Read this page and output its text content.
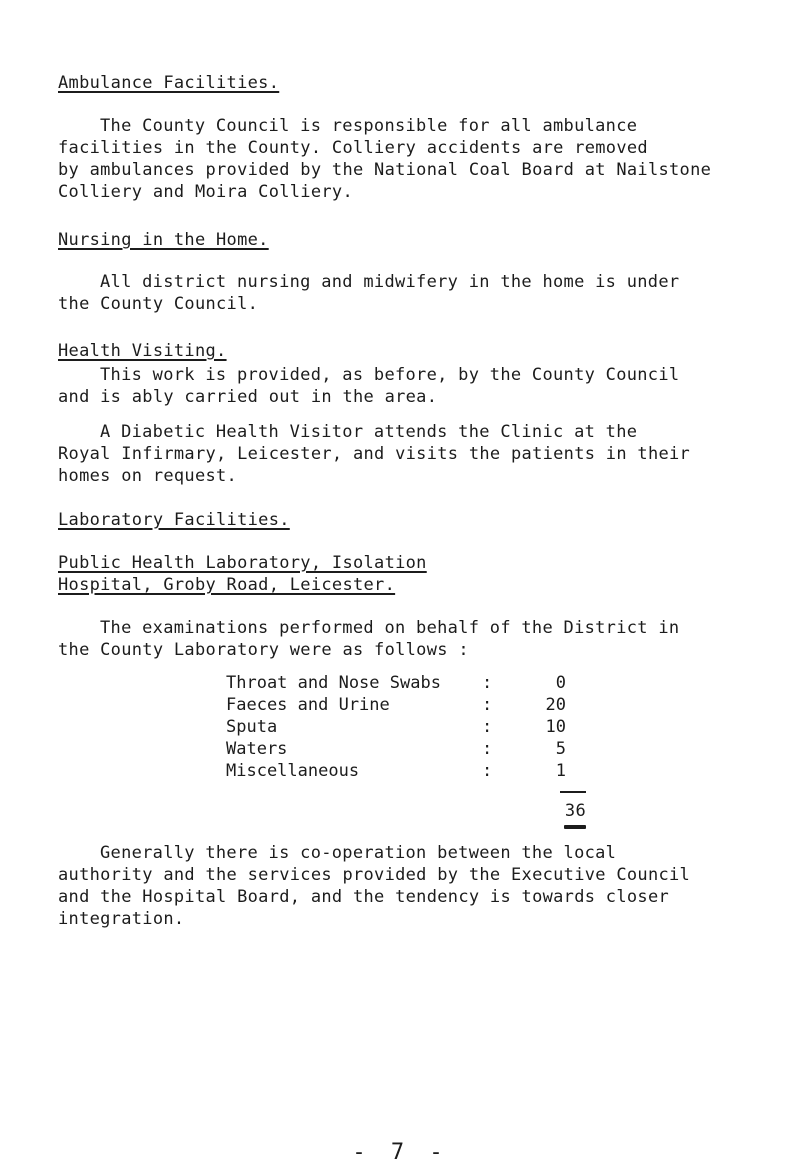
Ambulance Facilities.
The County Council is responsible for all ambulance
facilities in the County. Colliery accidents are removed
by ambulances provided by the National Coal Board at Nailstone
Colliery and Moira Colliery.
Nursing in the Home.
All district nursing and midwifery in the home is under
the County Council.
Health Visiting.
This work is provided, as before, by the County Council
and is ably carried out in the area.
A Diabetic Health Visitor attends the Clinic at the
Royal Infirmary, Leicester, and visits the patients in their
homes on request.
Laboratory Facilities.
Public Health Laboratory, Isolation
Hospital, Groby Road, Leicester.
The examinations performed on behalf of the District in
the County Laboratory were as follows :
Throat and Nose Swabs :	0
Faeces and Urine	:	20
Sputa	:	10
Waters	:	5
Miscellaneous	:	1
36
Generally there is co-operation between the local
authority and the services provided by the Executive Council
and the Hospital Board, and the tendency is towards closer
integration.
- 7 -
